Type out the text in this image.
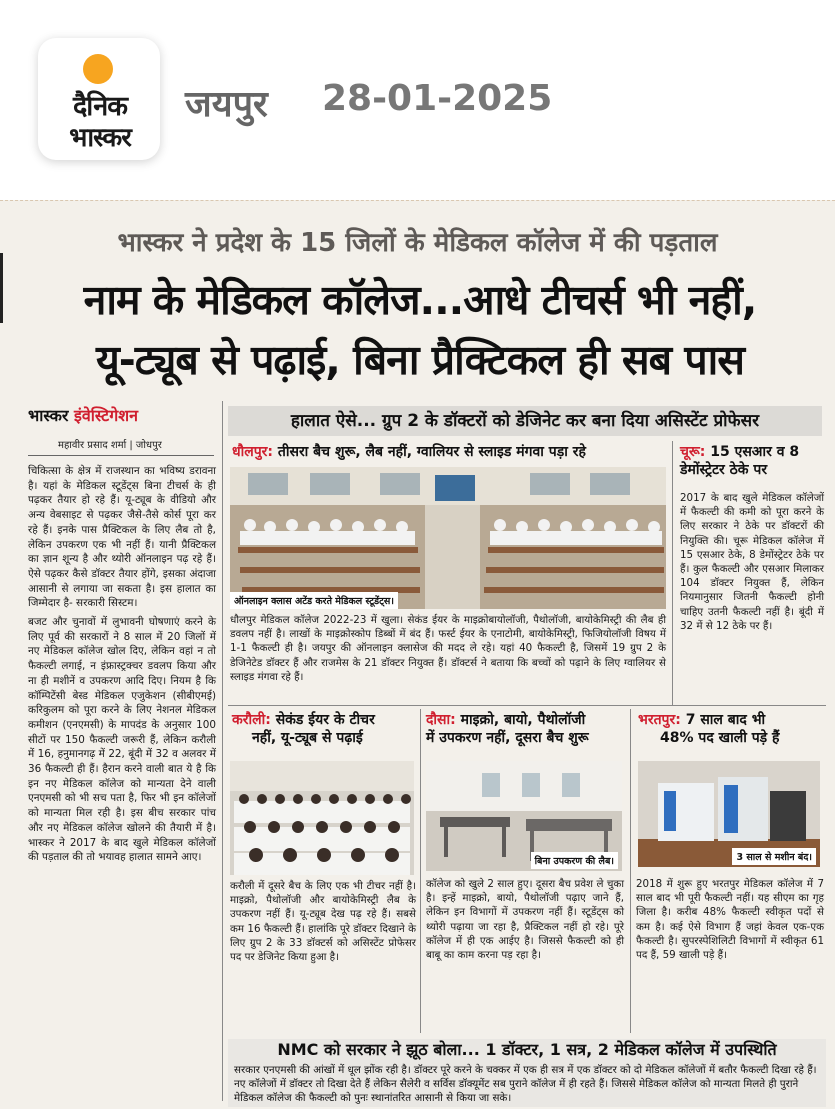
दैनिक
भास्कर
जयपुर 28-01-2025
भास्कर ने प्रदेश के 15 जिलों के मेडिकल कॉलेज में की पड़ताल
नाम के मेडिकल कॉलेज...आधे टीचर्स भी नहीं,
यू-ट्यूब से पढ़ाई, बिना प्रैक्टिकल ही सब पास
भास्कर इंवेस्टिगेशन
महावीर प्रसाद शर्मा | जोधपुर

चिकित्सा के क्षेत्र में राजस्थान का भविष्य डरावना है। यहां के मेडिकल स्टूडेंट्स बिना टीचर्स के ही पढ़कर तैयार हो रहे हैं। यू-ट्यूब के वीडियो और अन्य वेबसाइट से पढ़कर जैसे-तैसे कोर्स पूरा कर रहे हैं। इनके पास प्रैक्टिकल के लिए लैब तो है, लेकिन उपकरण एक भी नहीं हैं। यानी प्रैक्टिकल का ज्ञान शून्य है और थ्योरी ऑनलाइन पढ़ रहे हैं। ऐसे पढ़कर कैसे डॉक्टर तैयार होंगे, इसका अंदाजा आसानी से लगाया जा सकता है। इस हालात का जिम्मेदार है- सरकारी सिस्टम।

बजट और चुनावों में लुभावनी घोषणाएं करने के लिए पूर्व की सरकारों ने 8 साल में 20 जिलों में नए मेडिकल कॉलेज खोल दिए, लेकिन वहां न तो फैकल्टी लगाई, न इंफ्रास्ट्रक्चर डवलप किया और ना ही मशीनें व उपकरण आदि दिए। नियम है कि कॉम्पिटेंसी बेस्ड मेडिकल एजुकेशन (सीबीएमई) करिकुलम को पूरा करने के लिए नेशनल मेडिकल कमीशन (एनएमसी) के मापदंड के अनुसार 100 सीटों पर 150 फैकल्टी जरूरी हैं, लेकिन करौली में 16, हनुमानगढ़ में 22, बूंदी में 32 व अलवर में 36 फैकल्टी ही हैं। हैरान करने वाली बात ये है कि इन नए मेडिकल कॉलेज को मान्यता देने वाली एनएमसी को भी सच पता है, फिर भी इन कॉलेजों को मान्यता मिल रही है। इस बीच सरकार पांच और नए मेडिकल कॉलेज खोलने की तैयारी में है। भास्कर ने 2017 के बाद खुले मेडिकल कॉलेजों की पड़ताल की तो भयावह हालात सामने आए।

हालात ऐसे... ग्रुप 2 के डॉक्टरों को डेजिनेट कर बना दिया असिस्टेंट प्रोफेसर
धौलपुर: तीसरा बैच शुरू, लैब नहीं, ग्वालियर से स्लाइड मंगवा पड़ा रहे
ऑनलाइन क्लास अटेंड करते मेडिकल स्टूडेंट्स।
धौलपुर मेडिकल कॉलेज 2022-23 में खुला। सेकंड ईयर के माइक्रोबायोलॉजी, पैथोलॉजी, बायोकेमिस्ट्री की लैब ही डवलप नहीं है। लाखों के माइक्रोस्कोप डिब्बों में बंद हैं। फर्स्ट ईयर के एनाटोमी, बायोकेमिस्ट्री, फिजियोलॉजी विषय में 1-1 फैकल्टी ही है। जयपुर की ऑनलाइन क्लासेज की मदद ले रहे। यहां 40 फैकल्टी है, जिसमें 19 ग्रुप 2 के डेजिनेटेड डॉक्टर हैं और राजमेस के 21 डॉक्टर नियुक्त हैं। डॉक्टर्स ने बताया कि बच्चों को पढ़ाने के लिए ग्वालियर से स्लाइड मंगवा रहे हैं।
चूरू: 15 एसआर व 8 डेमोंस्ट्रेटर ठेके पर
2017 के बाद खुले मेडिकल कॉलेजों में फैकल्टी की कमी को पूरा करने के लिए सरकार ने ठेके पर डॉक्टरों की नियुक्ति की। चूरू मेडिकल कॉलेज में 15 एसआर ठेके, 8 डेमोंस्ट्रेटर ठेके पर हैं। कुल फैकल्टी और एसआर मिलाकर 104 डॉक्टर नियुक्त हैं, लेकिन नियमानुसार जितनी फैकल्टी होनी चाहिए उतनी फैकल्टी नहीं है। बूंदी में 32 में से 12 ठेके पर हैं।
करौली: सेकंड ईयर के टीचर
नहीं, यू-ट्यूब से पढ़ाई
करौली में दूसरे बैच के लिए एक भी टीचर नहीं है। माइक्रो, पैथोलॉजी और बायोकेमिस्ट्री लैब के उपकरण नहीं हैं। यू-ट्यूब देख पढ़ रहे हैं। सबसे कम 16 फैकल्टी हैं। हालांकि पूरे डॉक्टर दिखाने के लिए ग्रुप 2 के 33 डॉक्टर्स को असिस्टेंट प्रोफेसर पद पर डेजिनेट किया हुआ है।
दौसा: माइक्रो, बायो, पैथोलॉजी
में उपकरण नहीं, दूसरा बैच शुरू
बिना उपकरण की लैब।
कॉलेज को खुले 2 साल हुए। दूसरा बैच प्रवेश ले चुका है। इन्हें माइक्रो, बायो, पैथोलॉजी पढ़ाए जाने हैं, लेकिन इन विभागों में उपकरण नहीं हैं। स्टूडेंट्स को थ्योरी पढ़ाया जा रहा है, प्रैक्टिकल नहीं हो रहे। पूरे कॉलेज में ही एक आईए है। जिससे फैकल्टी को ही बाबू का काम करना पड़ रहा है।
भरतपुर: 7 साल बाद भी
48% पद खाली पड़े हैं
3 साल से मशीन बंद।
2018 में शुरू हुए भरतपुर मेडिकल कॉलेज में 7 साल बाद भी पूरी फैकल्टी नहीं। यह सीएम का गृह जिला है। करीब 48% फैकल्टी स्वीकृत पदों से कम है। कई ऐसे विभाग हैं जहां केवल एक-एक फैकल्टी है। सुपरस्पेशिलिटी विभागों में स्वीकृत 61 पद हैं, 59 खाली पड़े हैं।
NMC को सरकार ने झूठ बोला... 1 डॉक्टर, 1 सत्र, 2 मेडिकल कॉलेज में उपस्थिति
सरकार एनएमसी की आंखों में धूल झोंक रही है। डॉक्टर पूरे करने के चक्कर में एक ही सत्र में एक डॉक्टर को दो मेडिकल कॉलेजों में बतौर फैकल्टी दिखा रहे हैं। नए कॉलेजों में डॉक्टर तो दिखा देते हैं लेकिन सैलेरी व सर्विस डॉक्यूमेंट सब पुराने कॉलेज में ही रहते हैं। जिससे मेडिकल कॉलेज को मान्यता मिलते ही पुराने मेडिकल कॉलेज की फैकल्टी को पुनः स्थानांतरित आसानी से किया जा सके।
